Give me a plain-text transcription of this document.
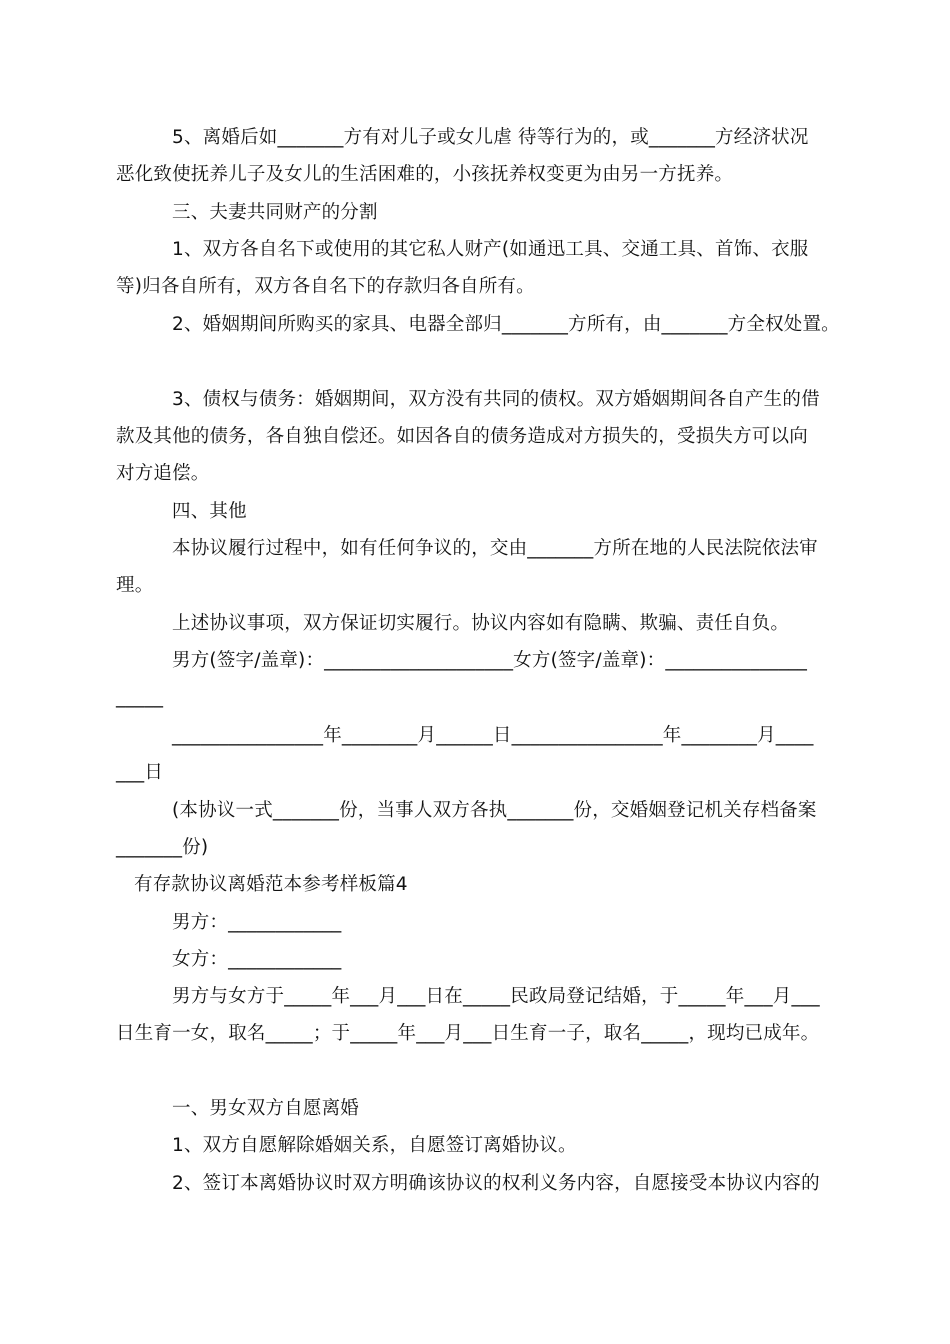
5、离婚后如_______方有对儿子或女儿虐 待等行为的，或_______方经济状况
恶化致使抚养儿子及女儿的生活困难的，小孩抚养权变更为由另一方抚养。
三、夫妻共同财产的分割
1、双方各自名下或使用的其它私人财产(如通迅工具、交通工具、首饰、衣服
等)归各自所有，双方各自名下的存款归各自所有。
2、婚姻期间所购买的家具、电器全部归_______方所有，由_______方全权处置。
3、债权与债务：婚姻期间，双方没有共同的债权。双方婚姻期间各自产生的借
款及其他的债务，各自独自偿还。如因各自的债务造成对方损失的，受损失方可以向
对方追偿。
四、其他
本协议履行过程中，如有任何争议的，交由_______方所在地的人民法院依法审
理。
上述协议事项，双方保证切实履行。协议内容如有隐瞒、欺骗、责任自负。
男方(签字/盖章)：____________________女方(签字/盖章)：_______________
_____
________________年________月______日________________年________月____
___日
(本协议一式_______份，当事人双方各执_______份，交婚姻登记机关存档备案
_______份)
有存款协议离婚范本参考样板篇4
男方：____________
女方：____________
男方与女方于_____年___月___日在_____民政局登记结婚，于_____年___月___
日生育一女，取名_____；于_____年___月___日生育一子，取名_____，现均已成年。
一、男女双方自愿离婚
1、双方自愿解除婚姻关系，自愿签订离婚协议。
2、签订本离婚协议时双方明确该协议的权利义务内容，自愿接受本协议内容的
